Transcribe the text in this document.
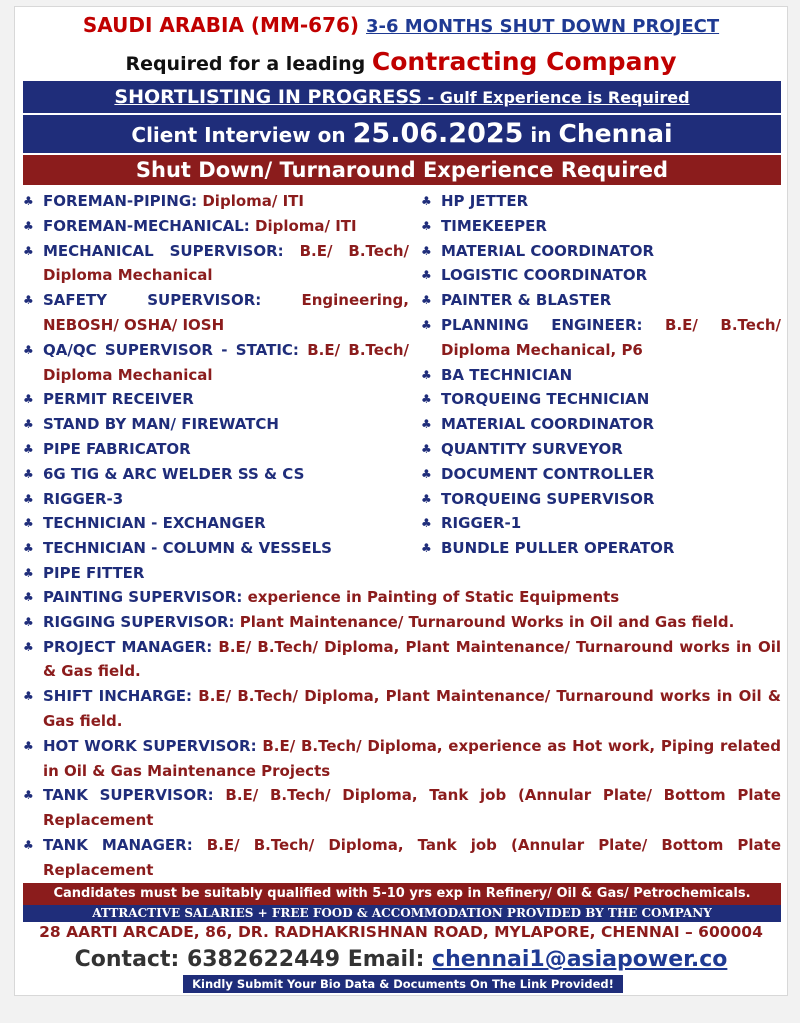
SAUDI ARABIA (MM-676) 3-6 MONTHS SHUT DOWN PROJECT
Required for a leading Contracting Company
SHORTLISTING IN PROGRESS - Gulf Experience is Required
Client Interview on 25.06.2025 in Chennai
Shut Down/ Turnaround Experience Required
♣ FOREMAN-PIPING: Diploma/ ITI
♣ FOREMAN-MECHANICAL: Diploma/ ITI
♣ MECHANICAL SUPERVISOR: B.E/ B.Tech/ Diploma Mechanical
♣ SAFETY SUPERVISOR:	Engineering, NEBOSH/ OSHA/ IOSH
♣ QA/QC SUPERVISOR - STATIC: B.E/ B.Tech/ Diploma Mechanical
♣ PERMIT RECEIVER
♣ STAND BY MAN/ FIREWATCH
♣ PIPE FABRICATOR
♣ 6G TIG & ARC WELDER SS & CS
♣ RIGGER-3
♣ TECHNICIAN - EXCHANGER
♣ TECHNICIAN - COLUMN & VESSELS
♣ PIPE FITTER
♣ HP JETTER
♣ TIMEKEEPER
♣ MATERIAL COORDINATOR
♣ LOGISTIC COORDINATOR
♣ PAINTER & BLASTER
♣ PLANNING ENGINEER: B.E/ B.Tech/ Diploma Mechanical, P6
♣ BA TECHNICIAN
♣ TORQUEING TECHNICIAN
♣ MATERIAL COORDINATOR
♣ QUANTITY SURVEYOR
♣ DOCUMENT CONTROLLER
♣ TORQUEING SUPERVISOR
♣ RIGGER-1
♣ BUNDLE PULLER OPERATOR
♣ PAINTING SUPERVISOR: experience in Painting of Static Equipments
♣ RIGGING SUPERVISOR: Plant Maintenance/ Turnaround Works in Oil and Gas field.
♣ PROJECT MANAGER: B.E/ B.Tech/ Diploma, Plant Maintenance/ Turnaround works in Oil & Gas field.
♣ SHIFT INCHARGE: B.E/ B.Tech/ Diploma, Plant Maintenance/ Turnaround works in Oil & Gas field.
♣ HOT WORK SUPERVISOR: B.E/ B.Tech/ Diploma, experience as Hot work, Piping related in Oil & Gas Maintenance Projects
♣ TANK SUPERVISOR: B.E/ B.Tech/ Diploma, Tank job (Annular Plate/ Bottom Plate Replacement
♣ TANK MANAGER: B.E/ B.Tech/ Diploma, Tank job (Annular Plate/ Bottom Plate Replacement
Candidates must be suitably qualified with 5-10 yrs exp in Refinery/ Oil & Gas/ Petrochemicals.
ATTRACTIVE SALARIES + FREE FOOD & ACCOMMODATION PROVIDED BY THE COMPANY
28 AARTI ARCADE, 86, DR. RADHAKRISHNAN ROAD, MYLAPORE, CHENNAI – 600004
Contact: 6382622449 Email: chennai1@asiapower.co
Kindly Submit Your Bio Data & Documents On The Link Provided!
